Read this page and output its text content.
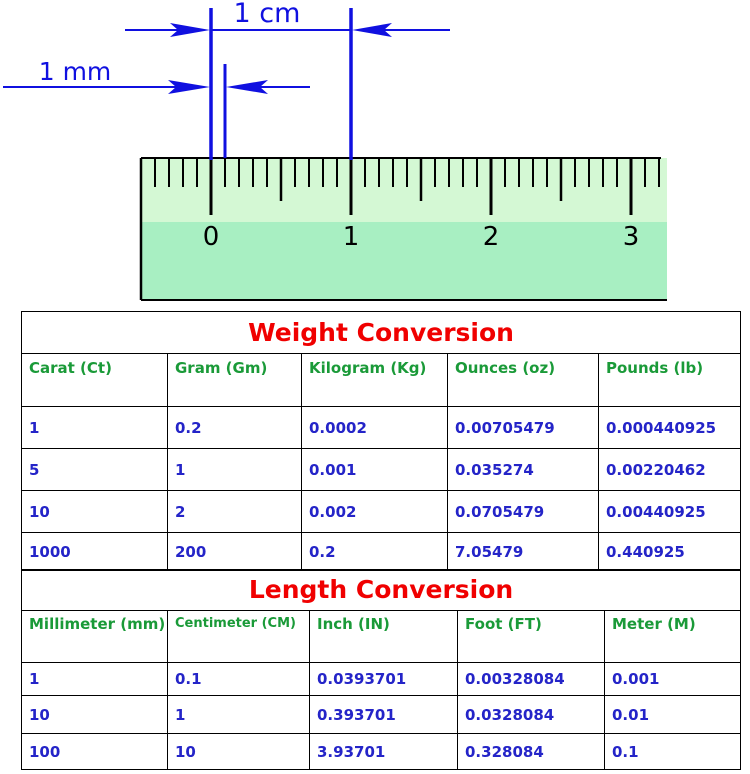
0	1	2	3
1 cm
1 mm
Weight Conversion				
Carat (Ct)	Gram (Gm)	Kilogram (Kg)	Ounces (oz)	Pounds (lb)
1	0.2	0.0002	0.00705479	0.000440925
5	1	0.001	0.035274	0.00220462
10	2	0.002	0.0705479	0.00440925
1000	200	0.2	7.05479	0.440925
Length Conversion				
Millimeter (mm)	Centimeter (CM)	Inch (IN)	Foot (FT)	Meter (M)
1	0.1	0.0393701	0.00328084	0.001
10	1	0.393701	0.0328084	0.01
100	10	3.93701	0.328084	0.1
